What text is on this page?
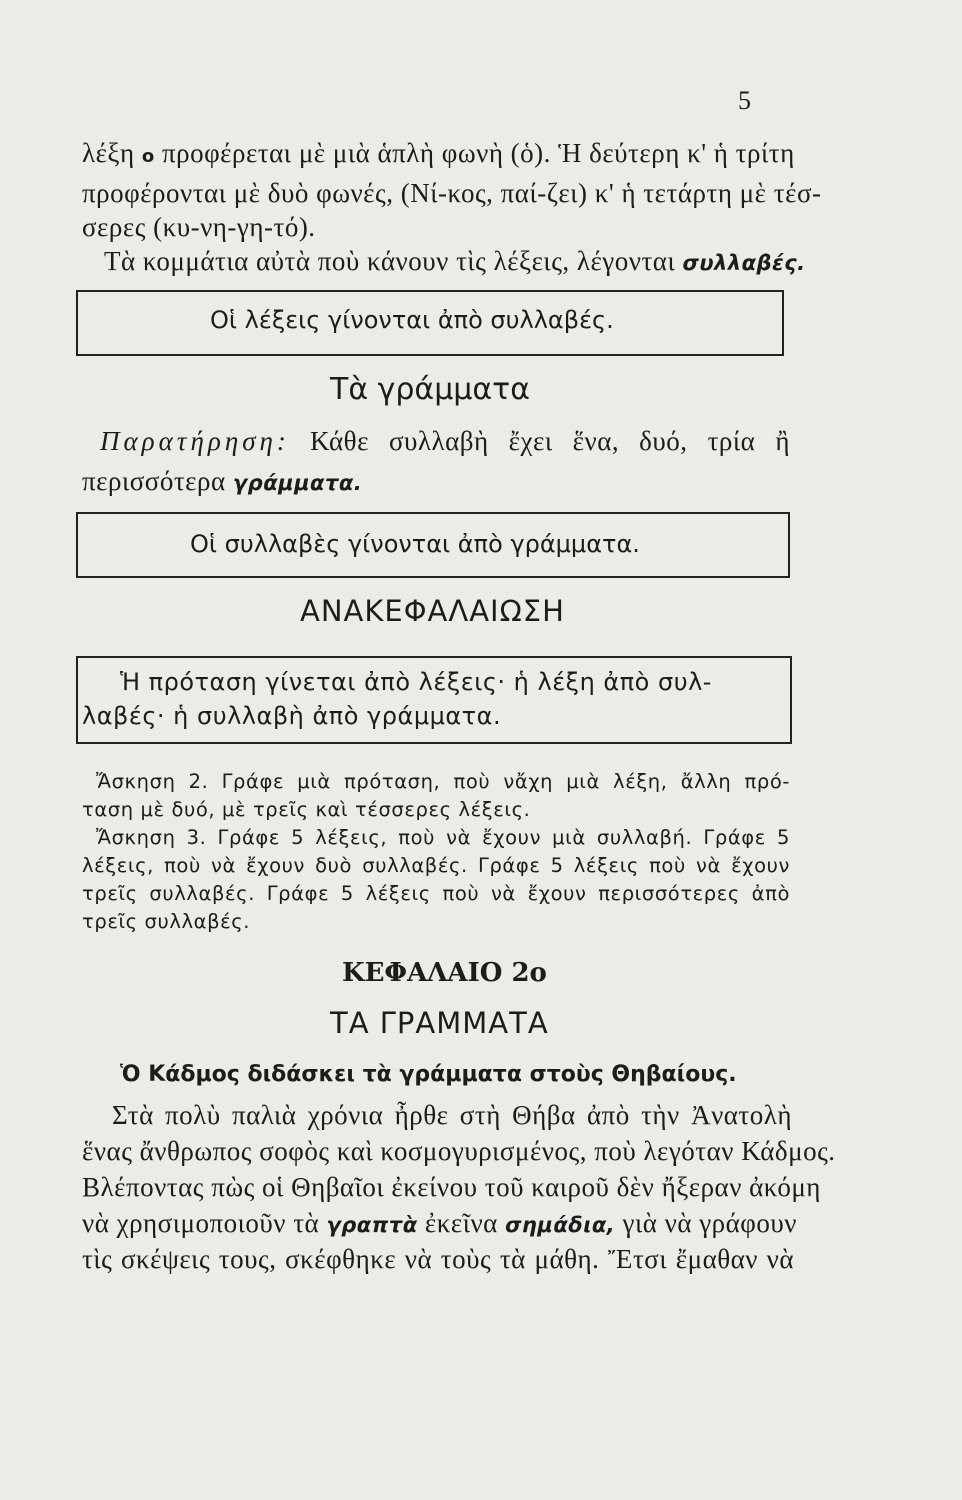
5
λέξη ο προφέρεται μὲ μιὰ ἁπλὴ φωνὴ (ὁ). Ἡ δεύτερη κ' ἡ τρίτη
προφέρονται μὲ δυὸ φωνές, (Νί-κος, παί-ζει) κ' ἡ τετάρτη μὲ τέσ-
σερες (κυ-νη-γη-τό).
Τὰ κομμάτια αὐτὰ ποὺ κάνουν τὶς λέξεις, λέγονται συλλαβές.
Οἱ λέξεις γίνονται ἀπὸ συλλαβές.
Τὰ γράμματα
Παρατήρηση: Κάθε συλλαβὴ ἔχει ἕνα, δυό, τρία ἢ
περισσότερα γράμματα.
Οἱ συλλαβὲς γίνονται ἀπὸ γράμματα.
ΑΝΑΚΕΦΑΛΑΙΩΣΗ
Ἡ πρόταση γίνεται ἀπὸ λέξεις· ἡ λέξη ἀπὸ συλ-
λαβές· ἡ συλλαβὴ ἀπὸ γράμματα.
Ἄσκηση 2. Γράφε μιὰ πρόταση, ποὺ νἄχη μιὰ λέξη, ἄλλη πρό-
ταση μὲ δυό, μὲ τρεῖς καὶ τέσσερες λέξεις.
Ἄσκηση 3. Γράφε 5 λέξεις, ποὺ νὰ ἔχουν μιὰ συλλαβή. Γράφε 5
λέξεις, ποὺ νὰ ἔχουν δυὸ συλλαβές. Γράφε 5 λέξεις ποὺ νὰ ἔχουν
τρεῖς συλλαβές. Γράφε 5 λέξεις ποὺ νὰ ἔχουν περισσότερες ἀπὸ
τρεῖς συλλαβές.
ΚΕΦΑΛΑΙΟ 2ο
ΤΑ ΓΡΑΜΜΑΤΑ
Ὁ Κάδμος διδάσκει τὰ γράμματα στοὺς Θηβαίους.
Στὰ πολὺ παλιὰ χρόνια ἦρθε στὴ Θήβα ἀπὸ τὴν Ἀνατολὴ
ἕνας ἄνθρωπος σοφὸς καὶ κοσμογυρισμένος, ποὺ λεγόταν Κάδμος.
Βλέποντας πὼς οἱ Θηβαῖοι ἐκείνου τοῦ καιροῦ δὲν ἤξεραν ἀκόμη
νὰ χρησιμοποιοῦν τὰ γραπτὰ ἐκεῖνα σημάδια, γιὰ νὰ γράφουν
τὶς σκέψεις τους, σκέφθηκε νὰ τοὺς τὰ μάθη. Ἔτσι ἔμαθαν νὰ
